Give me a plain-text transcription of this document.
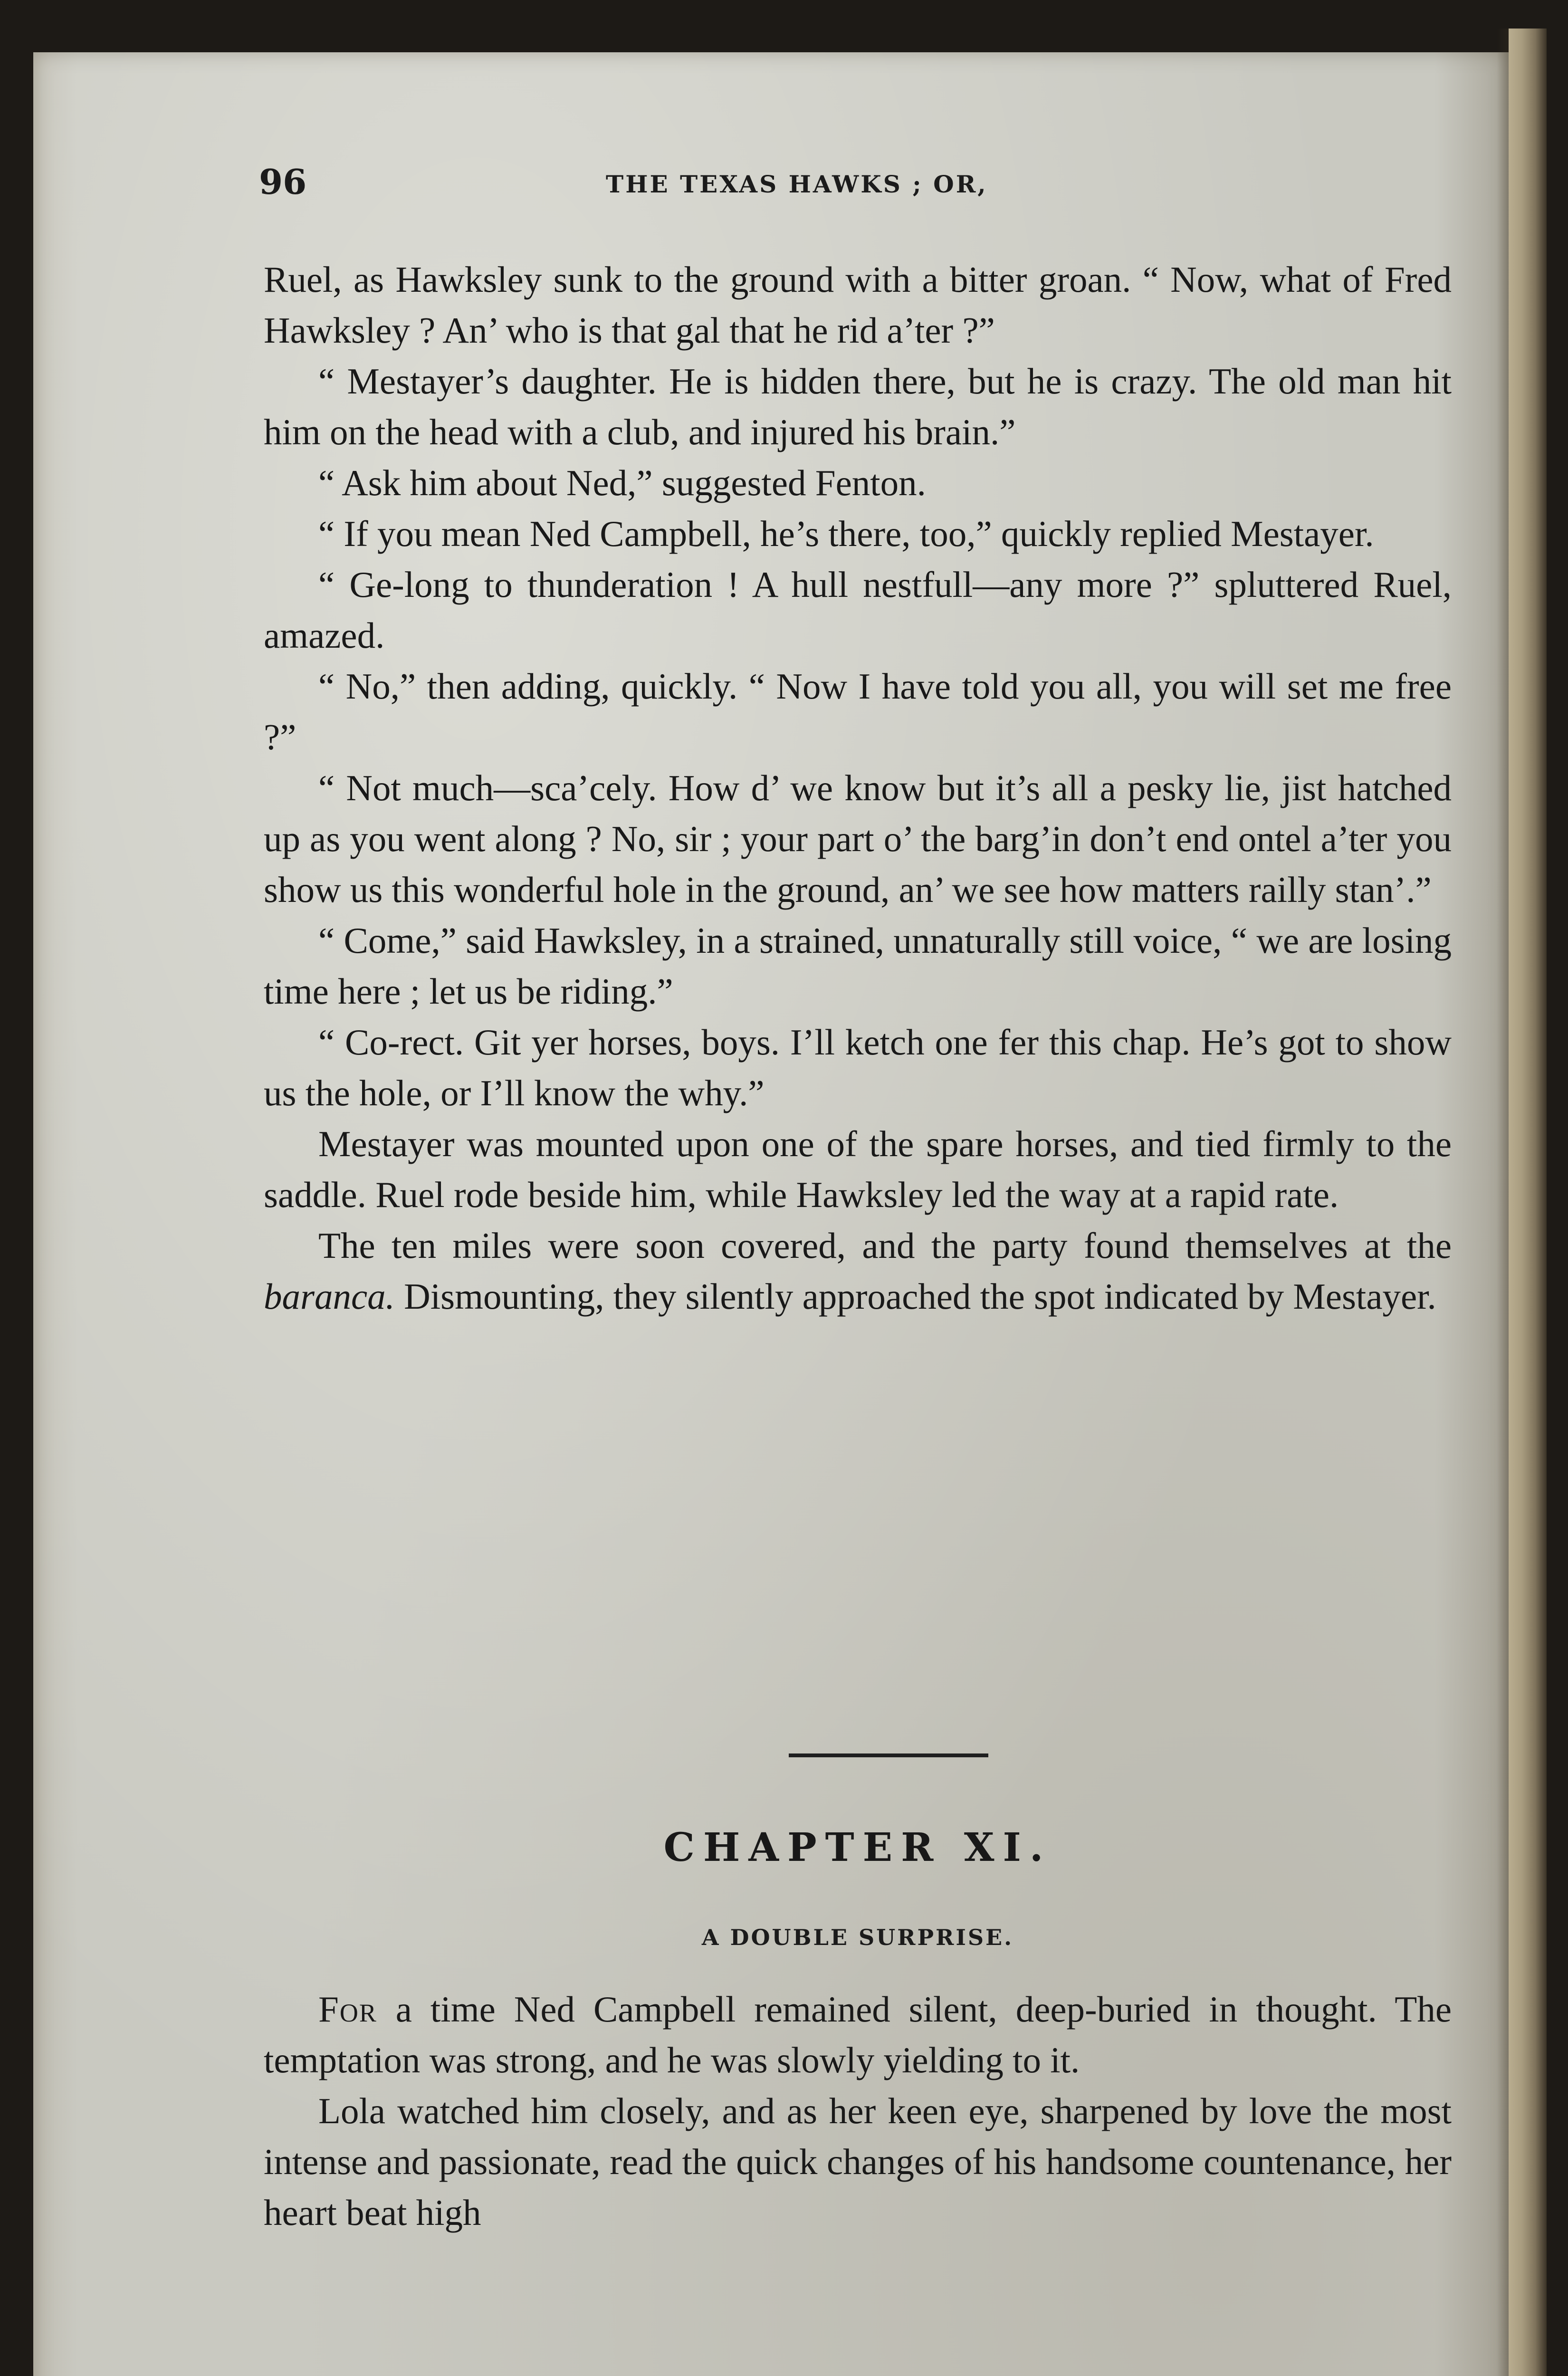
96	THE TEXAS HAWKS ; OR,

Ruel, as Hawksley sunk to the ground with a bitter groan. “ Now, what of Fred Hawksley ? An’ who is that gal that he rid a’ter ?”

“ Mestayer’s daughter. He is hidden there, but he is crazy. The old man hit him on the head with a club, and injured his brain.”

“ Ask him about Ned,” suggested Fenton.

“ If you mean Ned Campbell, he’s there, too,” quickly replied Mestayer.

“ Ge-long to thunderation ! A hull nestfull—any more ?” spluttered Ruel, amazed.

“ No,” then adding, quickly. “ Now I have told you all, you will set me free ?”

“ Not much—sca’cely. How d’ we know but it’s all a pesky lie, jist hatched up as you went along ? No, sir ; your part o’ the barg’in don’t end ontel a’ter you show us this wonderful hole in the ground, an’ we see how matters railly stan’.”

“ Come,” said Hawksley, in a strained, unnaturally still voice, “ we are losing time here ; let us be riding.”

“ Co-rect. Git yer horses, boys. I’ll ketch one fer this chap. He’s got to show us the hole, or I’ll know the why.”

Mestayer was mounted upon one of the spare horses, and tied firmly to the saddle. Ruel rode beside him, while Hawksley led the way at a rapid rate.

The ten miles were soon covered, and the party found themselves at the baranca. Dismounting, they silently approached the spot indicated by Mestayer.

CHAPTER XI.
A DOUBLE SURPRISE.

For a time Ned Campbell remained silent, deep-buried in thought. The temptation was strong, and he was slowly yielding to it.

Lola watched him closely, and as her keen eye, sharpened by love the most intense and passionate, read the quick changes of his handsome countenance, her heart beat high
